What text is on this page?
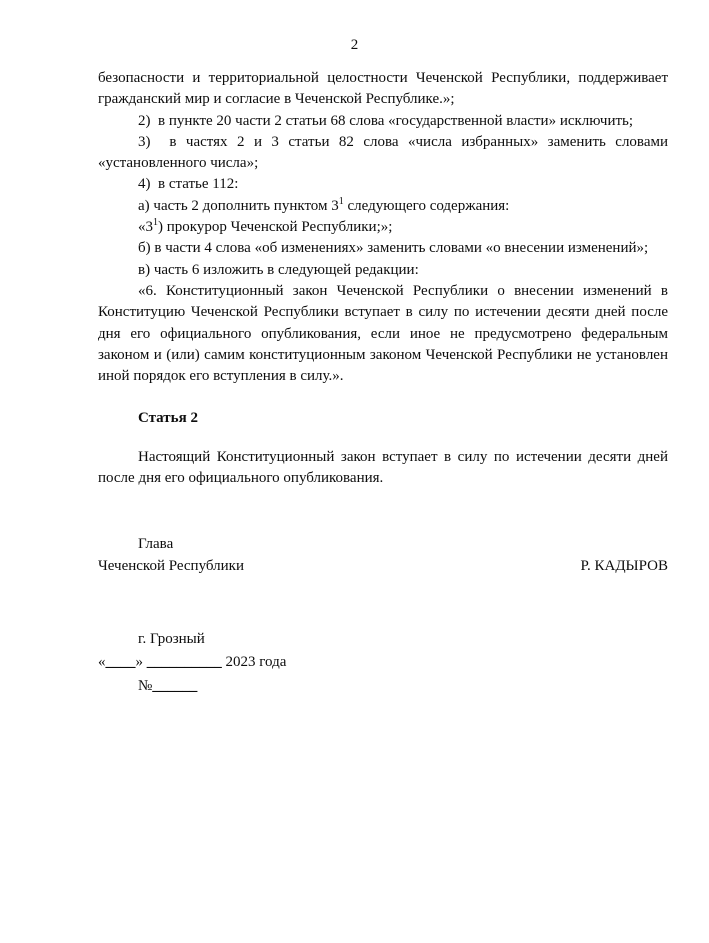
2

безопасности и территориальной целостности Чеченской Республики, поддерживает гражданский мир и согласие в Чеченской Республике.»;

2)  в пункте 20 части 2 статьи 68 слова «государственной власти» исключить;

3)  в частях 2 и 3 статьи 82 слова «числа избранных» заменить словами «установленного числа»;

4)  в статье 112:

а) часть 2 дополнить пунктом $3^1$ следующего содержания:

«$3^1$) прокурор Чеченской Республики;»;

б) в части 4 слова «об изменениях» заменить словами «о внесении изменений»;

в) часть 6 изложить в следующей редакции:

«6. Конституционный закон Чеченской Республики о внесении изменений в Конституцию Чеченской Республики вступает в силу по истечении десяти дней после дня его официального опубликования, если иное не предусмотрено федеральным законом и (или) самим конституционным законом Чеченской Республики не установлен иной порядок его вступления в силу.».

Статья 2

Настоящий Конституционный закон вступает в силу по истечении десяти дней после дня его официального опубликования.

Глава

Чеченской Республики	Р. КАДЫРОВ

г. Грозный

«____» __________ 2023 года

№______
